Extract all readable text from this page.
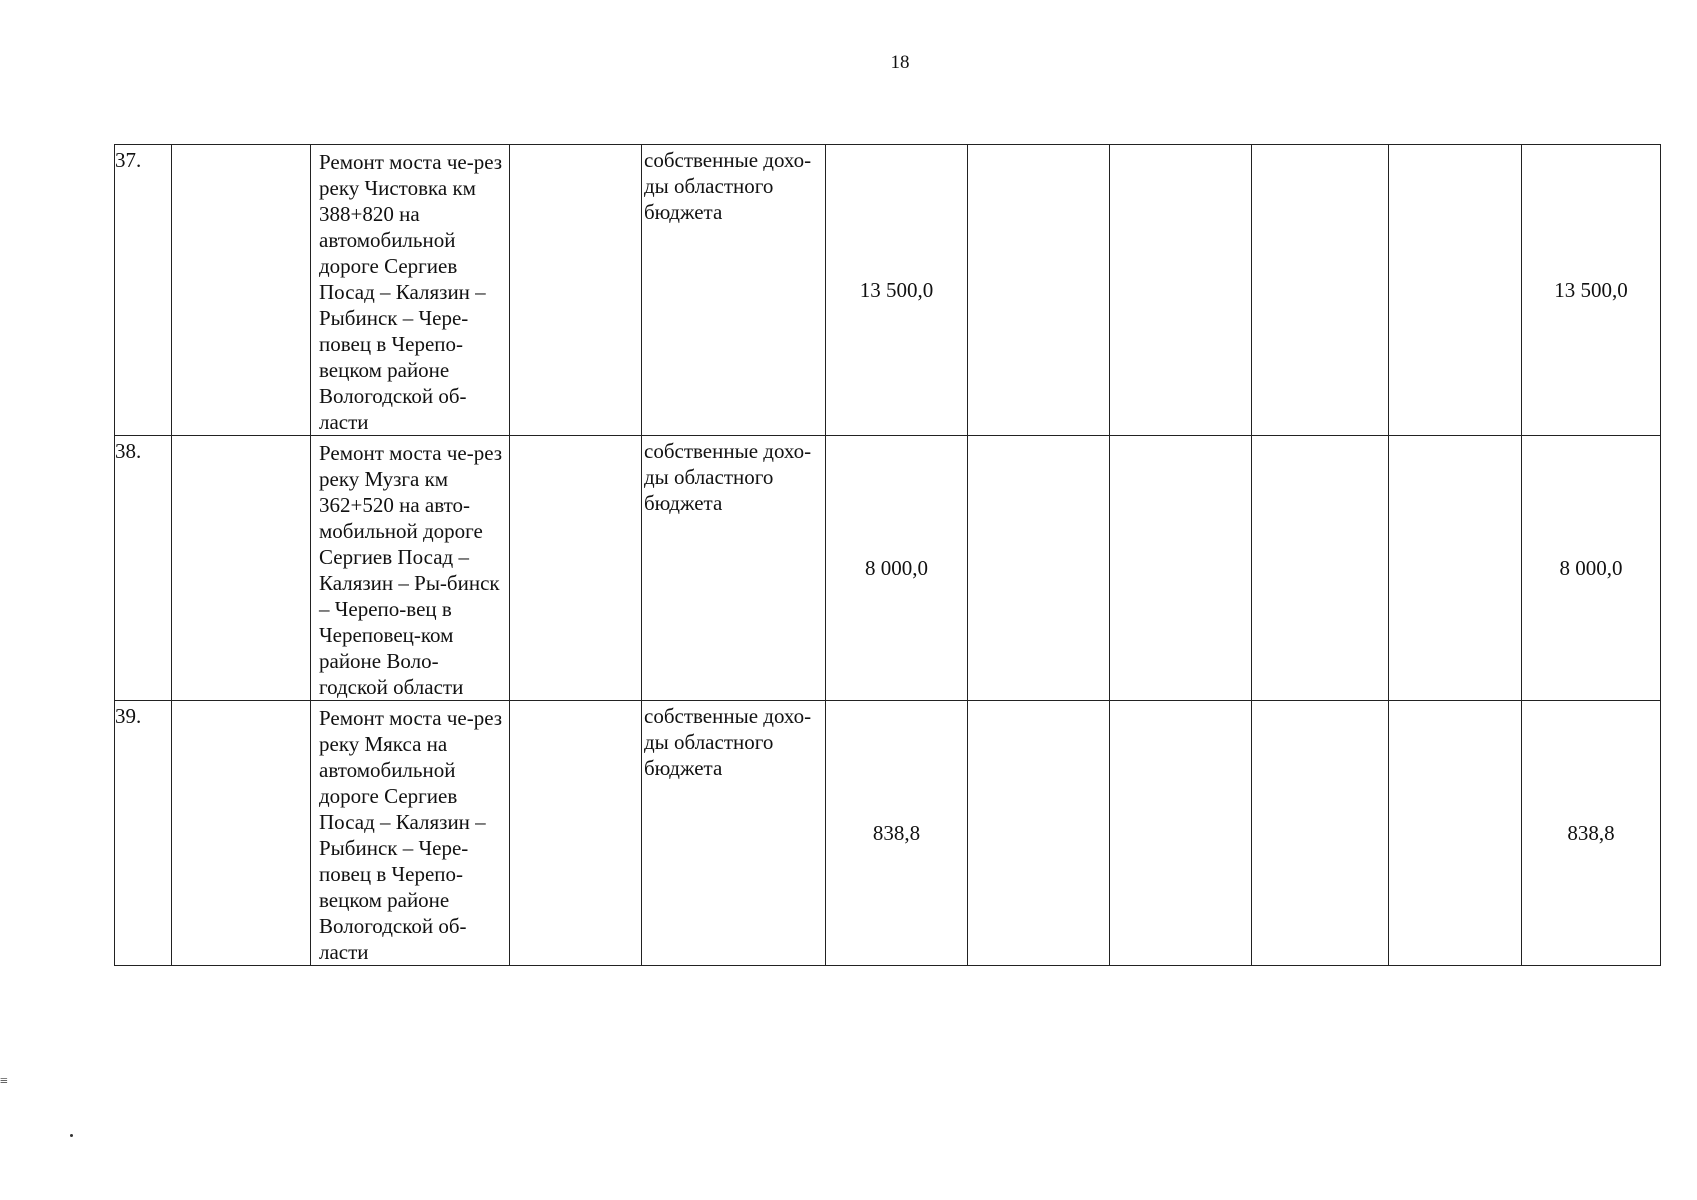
18
37.		Ремонт моста че-рез реку Чистовка км 388+820 на автомобильной дороге Сергиев Посад – Калязин – Рыбинск – Чере-повец в Черепо-вецком районе Вологодской об-ласти		собственные дохо-ды областного бюджета	13 500,0					13 500,0
38.		Ремонт моста че-рез реку Музга км 362+520 на авто-мобильной дороге Сергиев Посад – Калязин – Ры-бинск – Черепо-вец в Череповец-ком районе Воло-годской области		собственные дохо-ды областного бюджета	8 000,0					8 000,0
39.		Ремонт моста че-рез реку Мякса на автомобильной дороге Сергиев Посад – Калязин – Рыбинск – Чере-повец в Черепо-вецком районе Вологодской об-ласти		собственные дохо-ды областного бюджета	838,8					838,8
≡
